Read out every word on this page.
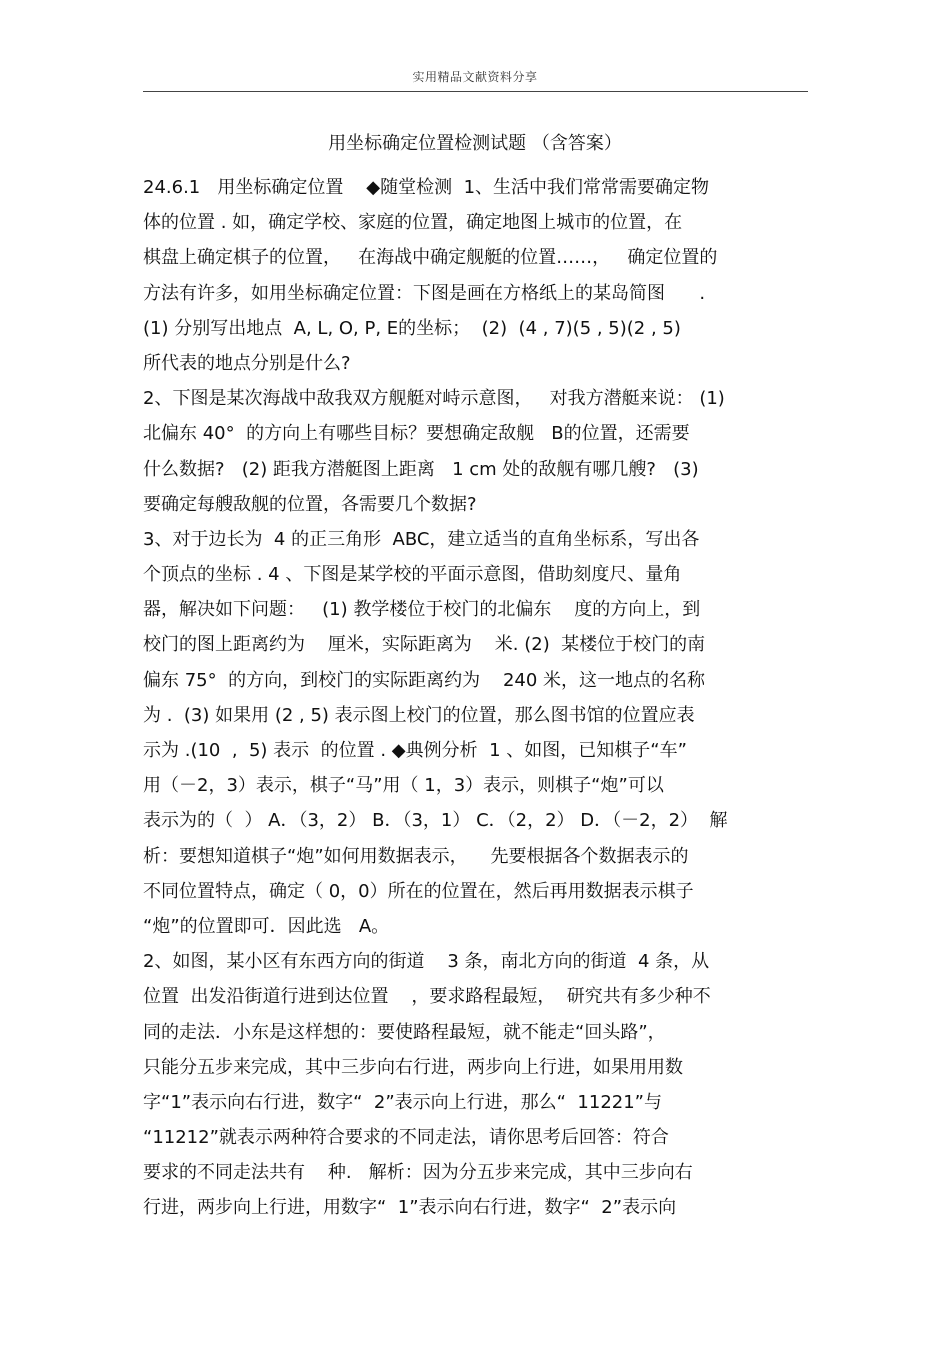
实用精品文献资料分享
用坐标确定位置检测试题 （含答案）
24.6.1   用坐标确定位置    ◆随堂检测  1、生活中我们常常需要确定物
体的位置 . 如，确定学校、家庭的位置，确定地图上城市的位置，在
棋盘上确定棋子的位置，   在海战中确定舰艇的位置……，   确定位置的
方法有许多，如用坐标确定位置：下图是画在方格纸上的某岛简图      .
(1) 分别写出地点  A, L, O, P, E的坐标；  (2)  (4 , 7)(5 , 5)(2 , 5)
所代表的地点分别是什么?
2、下图是某次海战中敌我双方舰艇对峙示意图，   对我方潜艇来说： (1)
北偏东 40°  的方向上有哪些目标？要想确定敌舰   B的位置，还需要
什么数据?   (2) 距我方潜艇图上距离   1 cm 处的敌舰有哪几艘?   (3)
要确定每艘敌舰的位置，各需要几个数据?
3、对于边长为  4 的正三角形  ABC，建立适当的直角坐标系，写出各
个顶点的坐标 . 4 、下图是某学校的平面示意图，借助刻度尺、量角
器，解决如下问题：   (1) 教学楼位于校门的北偏东    度的方向上，到
校门的图上距离约为    厘米，实际距离为    米. (2)  某楼位于校门的南
偏东 75°  的方向，到校门的实际距离约为    240 米，这一地点的名称
为 .  (3) 如果用 (2 , 5) 表示图上校门的位置，那么图书馆的位置应表
示为 .(10  ,  5) 表示  的位置 . ◆典例分析  1 、如图，已知棋子“车”
用（－2，3）表示，棋子“马”用（ 1，3）表示，则棋子“炮”可以
表示为的（  ） A．（3，2） B．（3，1） C．（2，2） D．（－2，2）  解
析：要想知道棋子“炮”如何用数据表示，    先要根据各个数据表示的
不同位置特点，确定（ 0，0）所在的位置在，然后再用数据表示棋子
“炮”的位置即可．因此选   A。
2、如图，某小区有东西方向的街道    3 条，南北方向的街道  4 条，从
位置  出发沿街道行进到达位置    ，要求路程最短，  研究共有多少种不
同的走法．小东是这样想的：要使路程最短，就不能走“回头路”，
只能分五步来完成，其中三步向右行进，两步向上行进，如果用用数
字“1”表示向右行进，数字“  2”表示向上行进，那么“  11221”与
“11212”就表示两种符合要求的不同走法，请你思考后回答：符合
要求的不同走法共有    种.   解析：因为分五步来完成，其中三步向右
行进，两步向上行进，用数字“  1”表示向右行进，数字“  2”表示向
